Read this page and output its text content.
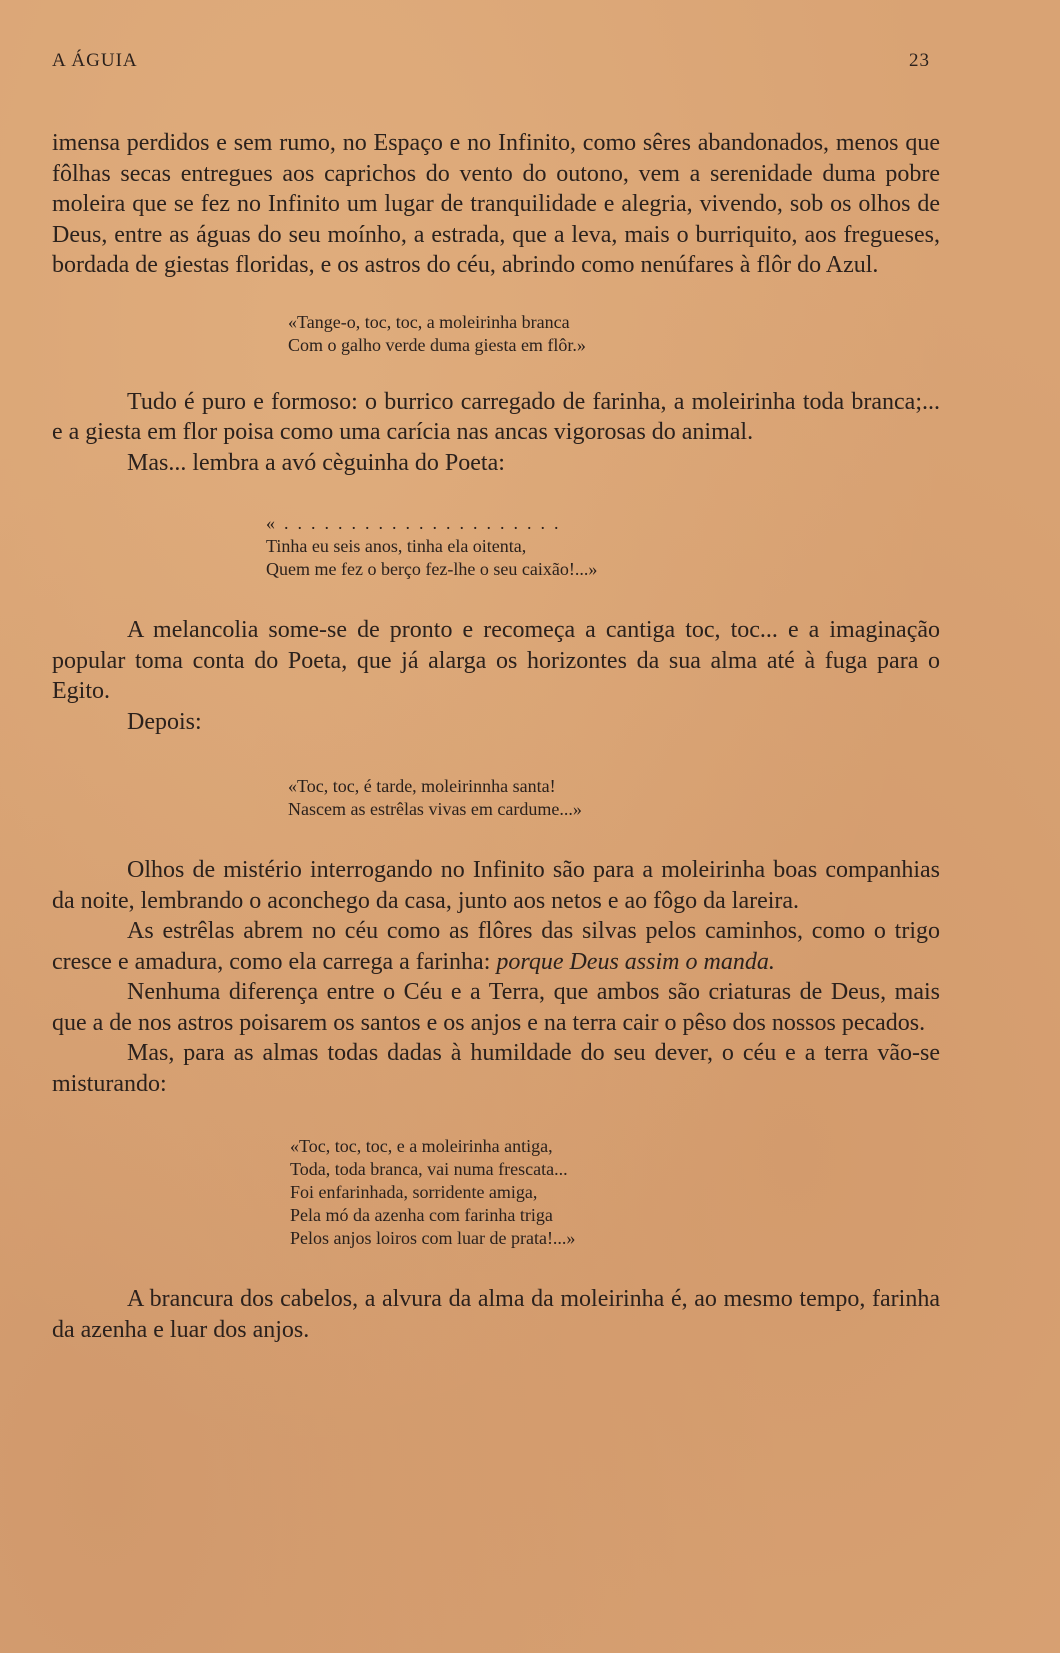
A ÁGUIA	23

imensa perdidos e sem rumo, no Espaço e no Infinito, como sêres abandonados, menos que fôlhas secas entregues aos caprichos do vento do outono, vem a serenidade duma pobre moleira que se fez no Infinito um lugar de tranquilidade e alegria, vivendo, sob os olhos de Deus, entre as águas do seu moínho, a estrada, que a leva, mais o burriquito, aos fregueses, bordada de giestas floridas, e os astros do céu, abrindo como nenúfares à flôr do Azul.

«Tange-o, toc, toc, a moleirinha branca
Com o galho verde duma giesta em flôr.»

Tudo é puro e formoso: o burrico carregado de farinha, a moleirinha toda branca;... e a giesta em flor poisa como uma carícia nas ancas vigorosas do animal.

Mas... lembra a avó cèguinha do Poeta:

«.....................
Tinha eu seis anos, tinha ela oitenta,
Quem me fez o berço fez-lhe o seu caixão!...»

A melancolia some-se de pronto e recomeça a cantiga toc, toc... e a imaginação popular toma conta do Poeta, que já alarga os horizontes da sua alma até à fuga para o Egito.

Depois:

«Toc, toc, é tarde, moleirinnha santa!
Nascem as estrêlas vivas em cardume...»

Olhos de mistério interrogando no Infinito são para a moleirinha boas companhias da noite, lembrando o aconchego da casa, junto aos netos e ao fôgo da lareira.

As estrêlas abrem no céu como as flôres das silvas pelos caminhos, como o trigo cresce e amadura, como ela carrega a farinha: porque Deus assim o manda.

Nenhuma diferença entre o Céu e a Terra, que ambos são criaturas de Deus, mais que a de nos astros poisarem os santos e os anjos e na terra cair o pêso dos nossos pecados.

Mas, para as almas todas dadas à humildade do seu dever, o céu e a terra vão-se misturando:

«Toc, toc, toc, e a moleirinha antiga,
Toda, toda branca, vai numa frescata...
Foi enfarinhada, sorridente amiga,
Pela mó da azenha com farinha triga
Pelos anjos loiros com luar de prata!...»

A brancura dos cabelos, a alvura da alma da moleirinha é, ao mesmo tempo, farinha da azenha e luar dos anjos.
